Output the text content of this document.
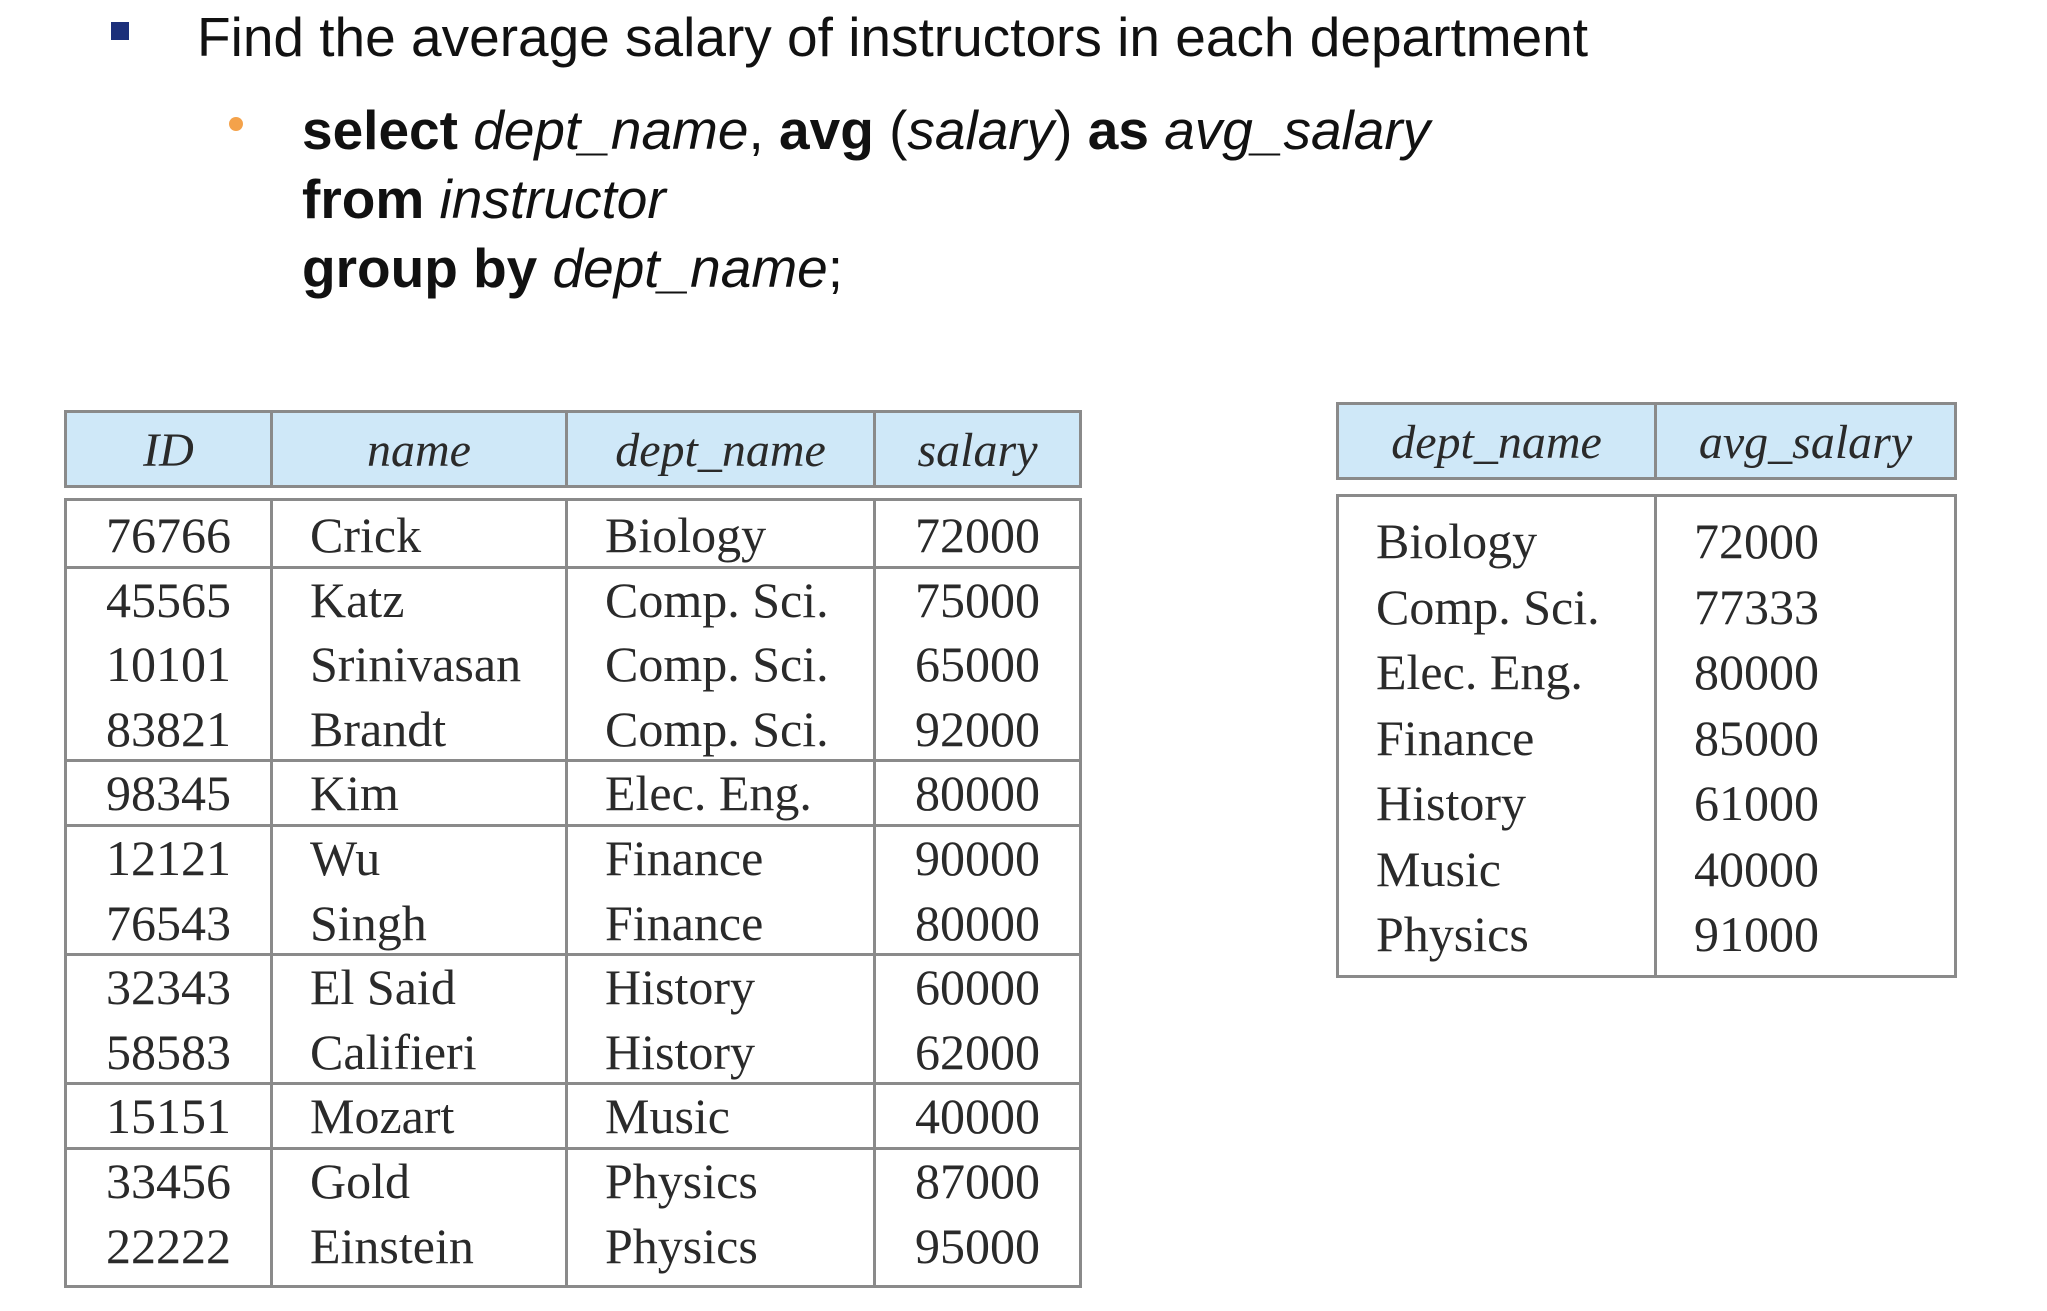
Find the average salary of instructors in each department
select dept_name, avg (salary) as avg_salary
from instructor
group by dept_name;
ID	name	dept_name	salary
76766	Crick	Biology	72000
45565	Katz	Comp. Sci.	75000
10101	Srinivasan	Comp. Sci.	65000
83821	Brandt	Comp. Sci.	92000
98345	Kim	Elec. Eng.	80000
12121	Wu	Finance	90000
76543	Singh	Finance	80000
32343	El Said	History	60000
58583	Califieri	History	62000
15151	Mozart	Music	40000
33456	Gold	Physics	87000
22222	Einstein	Physics	95000
dept_name	avg_salary
Biology	72000
Comp. Sci.	77333
Elec. Eng.	80000
Finance	85000
History	61000
Music	40000
Physics	91000
